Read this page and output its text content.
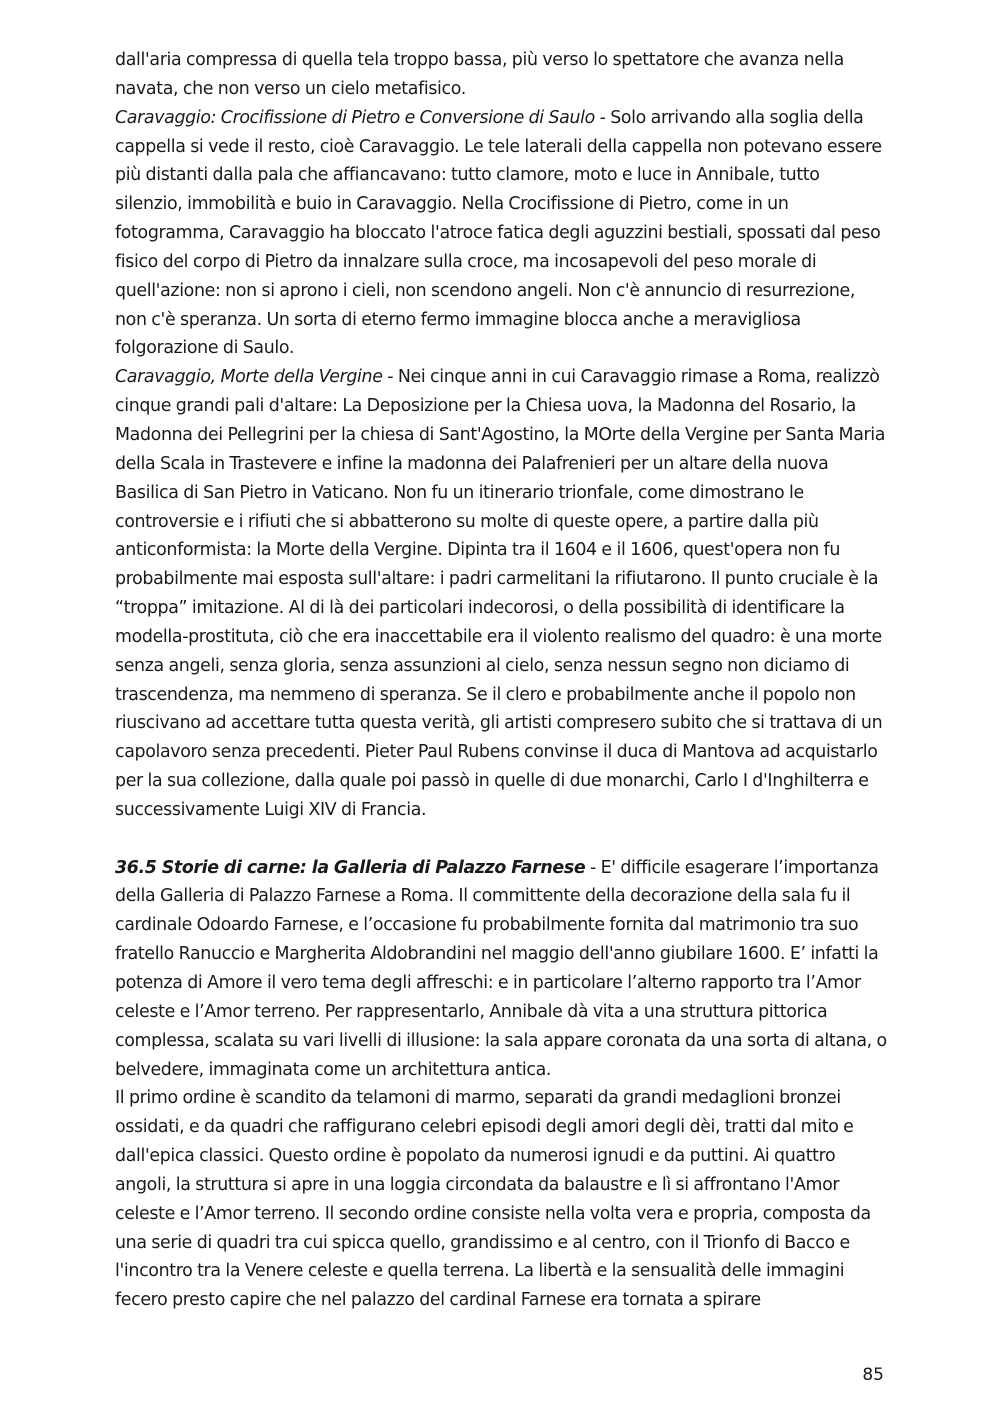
dall'aria compressa di quella tela troppo bassa, più verso lo spettatore che avanza nella navata, che non verso un cielo metafisico.

Caravaggio: Crocifissione di Pietro e Conversione di Saulo - Solo arrivando alla soglia della cappella si vede il resto, cioè Caravaggio. Le tele laterali della cappella non potevano essere più distanti dalla pala che affiancavano: tutto clamore, moto e luce in Annibale, tutto silenzio, immobilità e buio in Caravaggio. Nella Crocifissione di Pietro, come in un fotogramma, Caravaggio ha bloccato l'atroce fatica degli aguzzini bestiali, spossati dal peso fisico del corpo di Pietro da innalzare sulla croce, ma incosapevoli del peso morale di quell'azione: non si aprono i cieli, non scendono angeli. Non c'è annuncio di resurrezione, non c'è speranza. Un sorta di eterno fermo immagine blocca anche a meravigliosa folgorazione di Saulo.

Caravaggio, Morte della Vergine - Nei cinque anni in cui Caravaggio rimase a Roma, realizzò cinque grandi pali d'altare: La Deposizione per la Chiesa uova, la Madonna del Rosario, la Madonna dei Pellegrini per la chiesa di Sant'Agostino, la MOrte della Vergine per Santa Maria della Scala in Trastevere e infine la madonna dei Palafrenieri per un altare della nuova Basilica di San Pietro in Vaticano. Non fu un itinerario trionfale, come dimostrano le controversie e i rifiuti che si abbatterono su molte di queste opere, a partire dalla più anticonformista: la Morte della Vergine. Dipinta tra il 1604 e il 1606, quest'opera non fu probabilmente mai esposta sull'altare: i padri carmelitani la rifiutarono. Il punto cruciale è la “troppa” imitazione. Al di là dei particolari indecorosi, o della possibilità di identificare la modella-prostituta, ciò che era inaccettabile era il violento realismo del quadro: è una morte senza angeli, senza gloria, senza assunzioni al cielo, senza nessun segno non diciamo di trascendenza, ma nemmeno di speranza. Se il clero e probabilmente anche il popolo non riuscivano ad accettare tutta questa verità, gli artisti compresero subito che si trattava di un capolavoro senza precedenti. Pieter Paul Rubens convinse il duca di Mantova ad acquistarlo per la sua collezione, dalla quale poi passò in quelle di due monarchi, Carlo I d'Inghilterra e successivamente Luigi XIV di Francia.

36.5 Storie di carne: la Galleria di Palazzo Farnese - E' difficile esagerare l’importanza della Galleria di Palazzo Farnese a Roma. Il committente della decorazione della sala fu il cardinale Odoardo Farnese, e l’occasione fu probabilmente fornita dal matrimonio tra suo fratello Ranuccio e Margherita Aldobrandini nel maggio dell'anno giubilare 1600. E’ infatti la potenza di Amore il vero tema degli affreschi: e in particolare l’alterno rapporto tra l’Amor celeste e l’Amor terreno. Per rappresentarlo, Annibale dà vita a una struttura pittorica complessa, scalata su vari livelli di illusione: la sala appare coronata da una sorta di altana, o belvedere, immaginata come un architettura antica.

Il primo ordine è scandito da telamoni di marmo, separati da grandi medaglioni bronzei ossidati, e da quadri che raffigurano celebri episodi degli amori degli dèi, tratti dal mito e dall'epica classici. Questo ordine è popolato da numerosi ignudi e da puttini. Ai quattro angoli, la struttura si apre in una loggia circondata da balaustre e lì si affrontano l'Amor celeste e l’Amor terreno. Il secondo ordine consiste nella volta vera e propria, composta da una serie di quadri tra cui spicca quello, grandissimo e al centro, con il Trionfo di Bacco e l'incontro tra la Venere celeste e quella terrena. La libertà e la sensualità delle immagini fecero presto capire che nel palazzo del cardinal Farnese era tornata a spirare

85
